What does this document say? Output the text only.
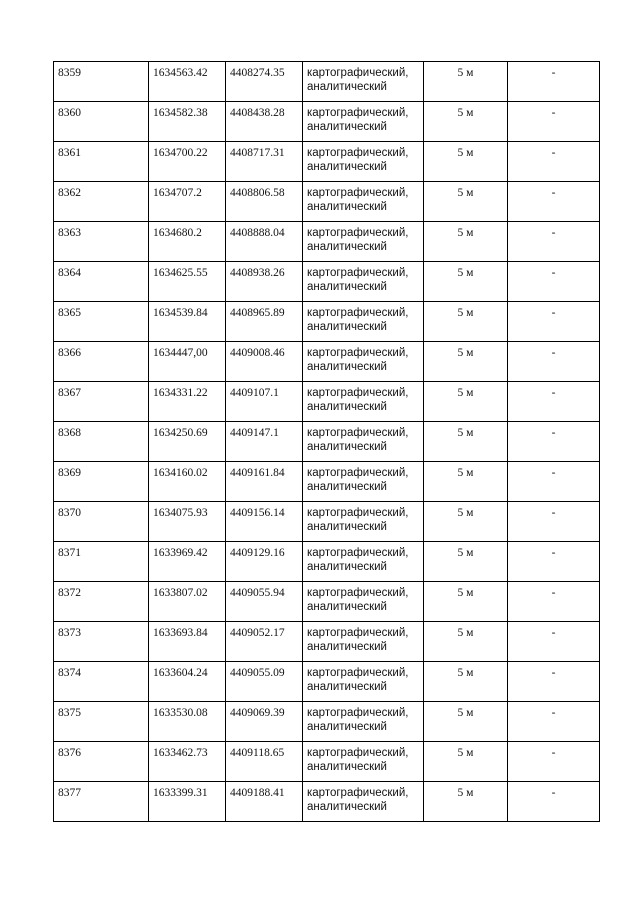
8359	1634563.42	4408274.35	картографический,
аналитический	5 м	-
8360	1634582.38	4408438.28	картографический,
аналитический	5 м	-
8361	1634700.22	4408717.31	картографический,
аналитический	5 м	-
8362	1634707.2	4408806.58	картографический,
аналитический	5 м	-
8363	1634680.2	4408888.04	картографический,
аналитический	5 м	-
8364	1634625.55	4408938.26	картографический,
аналитический	5 м	-
8365	1634539.84	4408965.89	картографический,
аналитический	5 м	-
8366	1634447,00	4409008.46	картографический,
аналитический	5 м	-
8367	1634331.22	4409107.1	картографический,
аналитический	5 м	-
8368	1634250.69	4409147.1	картографический,
аналитический	5 м	-
8369	1634160.02	4409161.84	картографический,
аналитический	5 м	-
8370	1634075.93	4409156.14	картографический,
аналитический	5 м	-
8371	1633969.42	4409129.16	картографический,
аналитический	5 м	-
8372	1633807.02	4409055.94	картографический,
аналитический	5 м	-
8373	1633693.84	4409052.17	картографический,
аналитический	5 м	-
8374	1633604.24	4409055.09	картографический,
аналитический	5 м	-
8375	1633530.08	4409069.39	картографический,
аналитический	5 м	-
8376	1633462.73	4409118.65	картографический,
аналитический	5 м	-
8377	1633399.31	4409188.41	картографический,
аналитический	5 м	-
